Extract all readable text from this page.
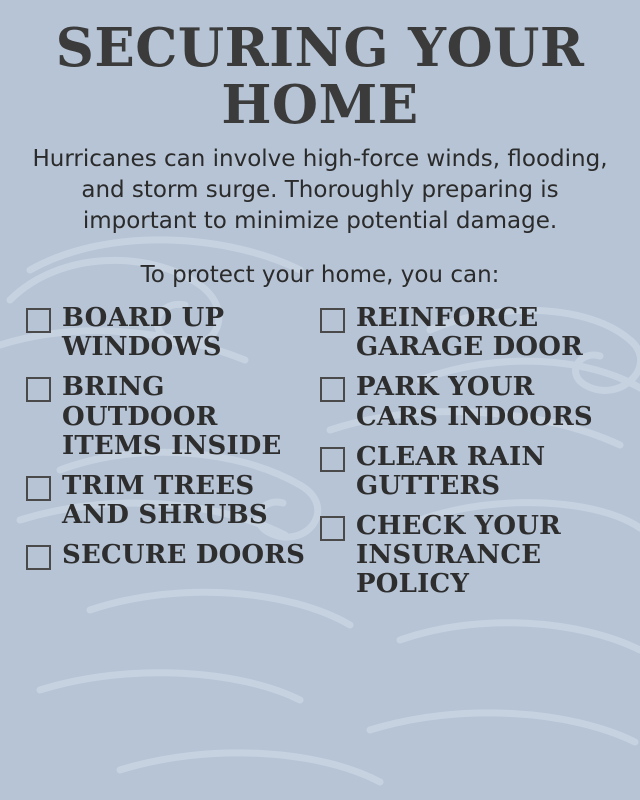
SECURING YOUR HOME
Hurricanes can involve high-force winds, flooding, and storm surge. Thoroughly preparing is important to minimize potential damage.
To protect your home, you can:
BOARD UP WINDOWS
BRING OUTDOOR ITEMS INSIDE
TRIM TREES AND SHRUBS
SECURE DOORS
REINFORCE GARAGE DOOR
PARK YOUR CARS INDOORS
CLEAR RAIN GUTTERS
CHECK YOUR INSURANCE POLICY
